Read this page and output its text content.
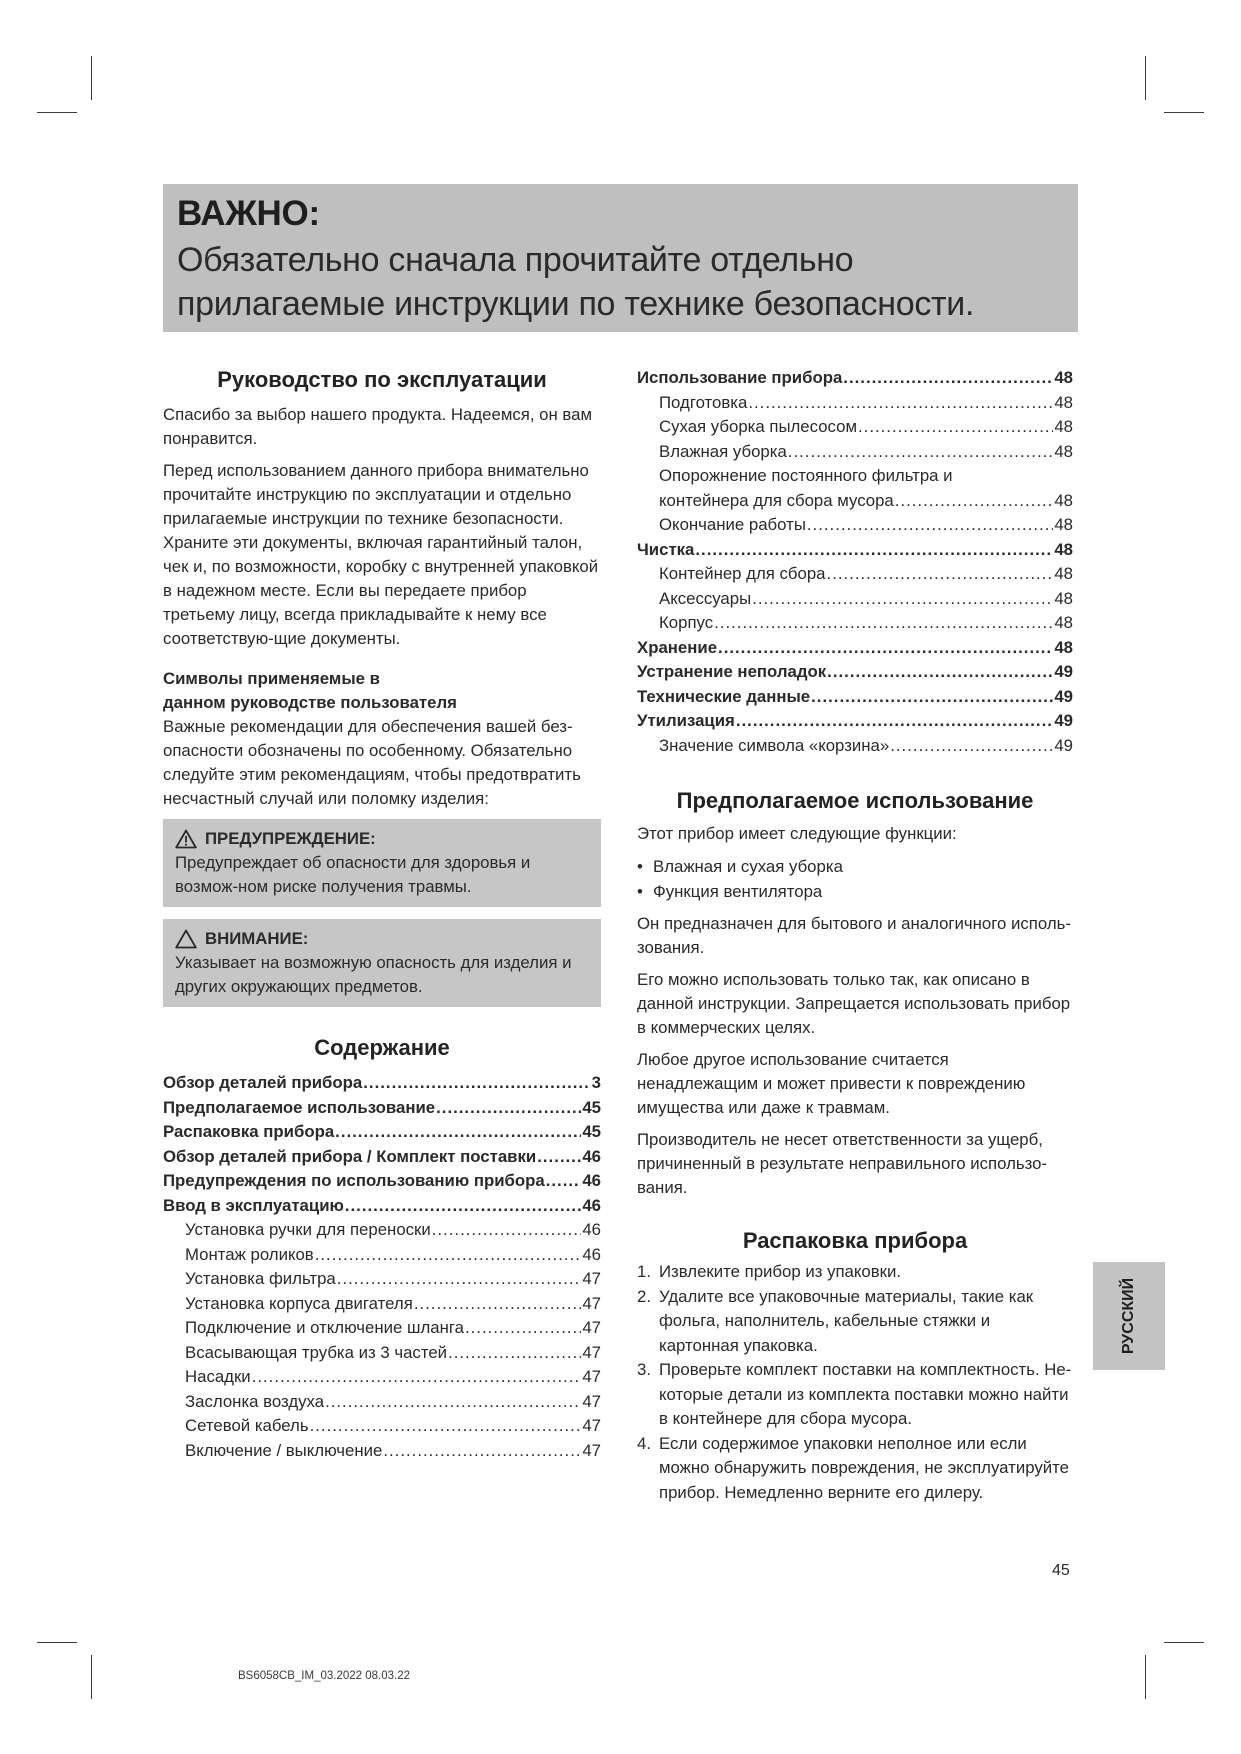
ВАЖНО:

Обязательно сначала прочитайте отдельно прилагаемые инструкции по технике безопасности.

Руководство по эксплуатации

Спасибо за выбор нашего продукта. Надеемся, он вам понравится.

Перед использованием данного прибора внимательно прочитайте инструкцию по эксплуатации и отдельно прилагаемые инструкции по технике безопасности. Храните эти документы, включая гарантийный талон, чек и, по возможности, коробку с внутренней упаковкой в надежном месте. Если вы передаете прибор третьему лицу, всегда прикладывайте к нему все соответствую-щие документы.

Символы применяемые в
данном руководстве пользователя

Важные рекомендации для обеспечения вашей без-опасности обозначены по особенному. Обязательно следуйте этим рекомендациям, чтобы предотвратить несчастный случай или поломку изделия:

ПРЕДУПРЕЖДЕНИЕ:
Предупреждает об опасности для здоровья и возмож-ном риске получения травмы.
ВНИМАНИЕ:
Указывает на возможную опасность для изделия и других окружающих предметов.
Содержание
Обзор деталей прибора .....	3
Предполагаемое использование .....	45
Распаковка прибора .....	45
Обзор деталей прибора / Комплект поставки .....	46
Предупреждения по использованию прибора ..... 46
Ввод в эксплуатацию .....	46
Установка ручки для переноски .....	46
Монтаж роликов .....	46
Установка фильтра .....	47
Установка корпуса двигателя .....	47
Подключение и отключение шланга .....	47
Всасывающая трубка из 3 частей .....	47
Насадки .....	47
Заслонка воздуха .....	47
Сетевой кабель .....	47
Включение / выключение .....	47
Использование прибора .....	48
Подготовка .....	48
Сухая уборка пылесосом .....	48
Влажная уборка .....	48
Опорожнение постоянного фильтра и
контейнера для сбора мусора .....	48
Окончание работы .....	48
Чистка .....	48
Контейнер для сбора .....	48
Аксессуары .....	48
Корпус .....	48
Хранение .....	48
Устранение неполадок .....	49
Технические данные .....	49
Утилизация .....	49
Значение символа «корзина» .....	49
Предполагаемое использование

Этот прибор имеет следующие функции:

• Влажная и сухая уборка
• Функция вентилятора

Он предназначен для бытового и аналогичного исполь-зования.

Его можно использовать только так, как описано в данной инструкции. Запрещается использовать прибор в коммерческих целях.

Любое другое использование считается ненадлежащим и может привести к повреждению имущества или даже к травмам.

Производитель не несет ответственности за ущерб, причиненный в результате неправильного использо-вания.

Распаковка прибора
1. Извлеките прибор из упаковки.
2. Удалите все упаковочные материалы, такие как фольга, наполнитель, кабельные стяжки и картонная упаковка.
3. Проверьте комплект поставки на комплектность. Не-которые детали из комплекта поставки можно найти в контейнере для сбора мусора.
4. Если содержимое упаковки неполное или если можно обнаружить повреждения, не эксплуатируйте прибор. Немедленно верните его дилеру.
РУССКИЙ
45
BS6058CB_IM_03.2022 08.03.22
